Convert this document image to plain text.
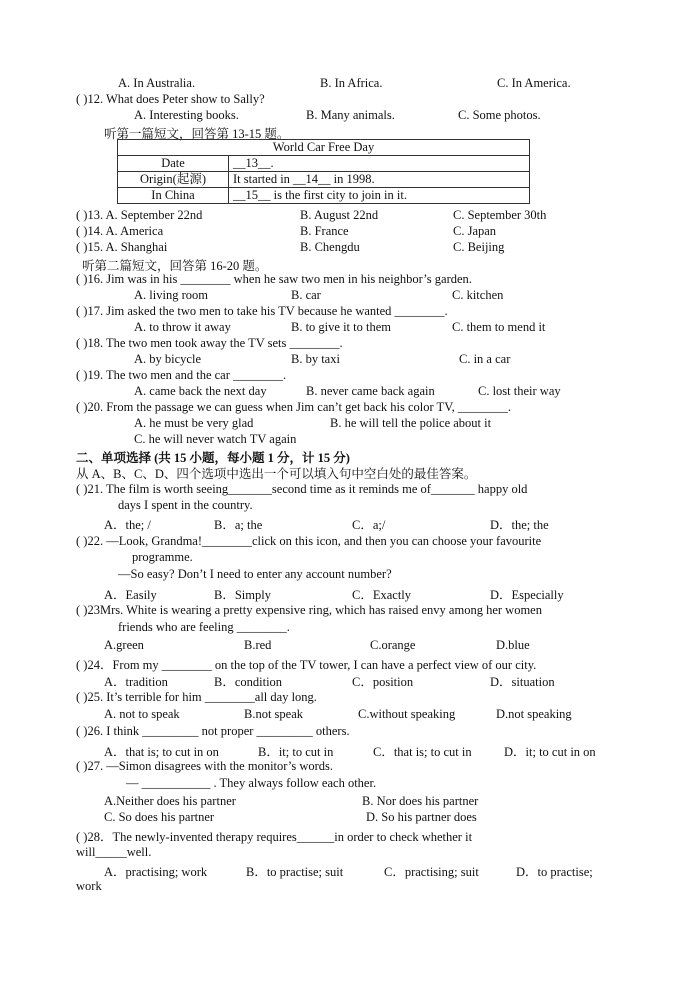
A. In Australia.	B. In Africa.	C. In America.
( )12. What does Peter show to Sally?
A. Interesting books.	B. Many animals.	C. Some photos.
听第一篇短文，回答第 13-15 题。
World Car Free Day	
Date	__13__.
Origin(起源)	It started in __14__ in 1998.
In China	__15__ is the first city to join in it.
( )13. A. September 22nd	B. August 22nd	C. September 30th
( )14. A. America	B. France	C. Japan
( )15. A. Shanghai	B. Chengdu	C. Beijing
听第二篇短文，回答第 16-20 题。
( )16. Jim was in his ________ when he saw two men in his neighbor’s garden.
A. living room	B. car	C. kitchen
( )17. Jim asked the two men to take his TV because he wanted ________.
A. to throw it away	B. to give it to them	C. them to mend it
( )18. The two men took away the TV sets ________.
A. by bicycle	B. by taxi	C. in a car
( )19. The two men and the car ________.
A. came back the next day	B. never came back again	C. lost their way
( )20. From the passage we can guess when Jim can’t get back his color TV, ________.
A. he must be very glad	B. he will tell the police about it
C. he will never watch TV again
二、单项选择 (共 15 小题，每小题 1 分，计 15 分)
从 A、B、C、D、四个选项中选出一个可以填入句中空白处的最佳答案。
( )21. The film is worth seeing_______second time as it reminds me of_______ happy old
days I spent in the country.
A．the; /	B．a; the	C．a;/	D．the; the
( )22. —Look, Grandma!________click on this icon, and then you can choose your favourite
programme.
—So easy? Don’t I need to enter any account number?
A．Easily	B．Simply	C．Exactly	D．Especially
( )23Mrs. White is wearing a pretty expensive ring, which has raised envy among her women
friends who are feeling ________.
A.green	B.red	C.orange	D.blue
( )24．From my ________ on the top of the TV tower, I can have a perfect view of our city.
A．tradition	B．condition	C．position	D．situation
( )25. It’s terrible for him ________all day long.
A. not to speak	B.not speak	C.without speaking	D.not speaking
( )26. I think _________ not proper _________ others.
A．that is; to cut in on	B．it; to cut in	C．that is; to cut in	D．it; to cut in on
( )27. —Simon disagrees with the monitor’s words.
— ___________ . They always follow each other.
A.Neither does his partner	B. Nor does his partner
C. So does his partner	D. So his partner does
( )28．The newly-invented therapy requires______in order to check whether it
will_____well.
A．practising; work	B．to practise; suit	C．practising; suit	D．to practise;
work
